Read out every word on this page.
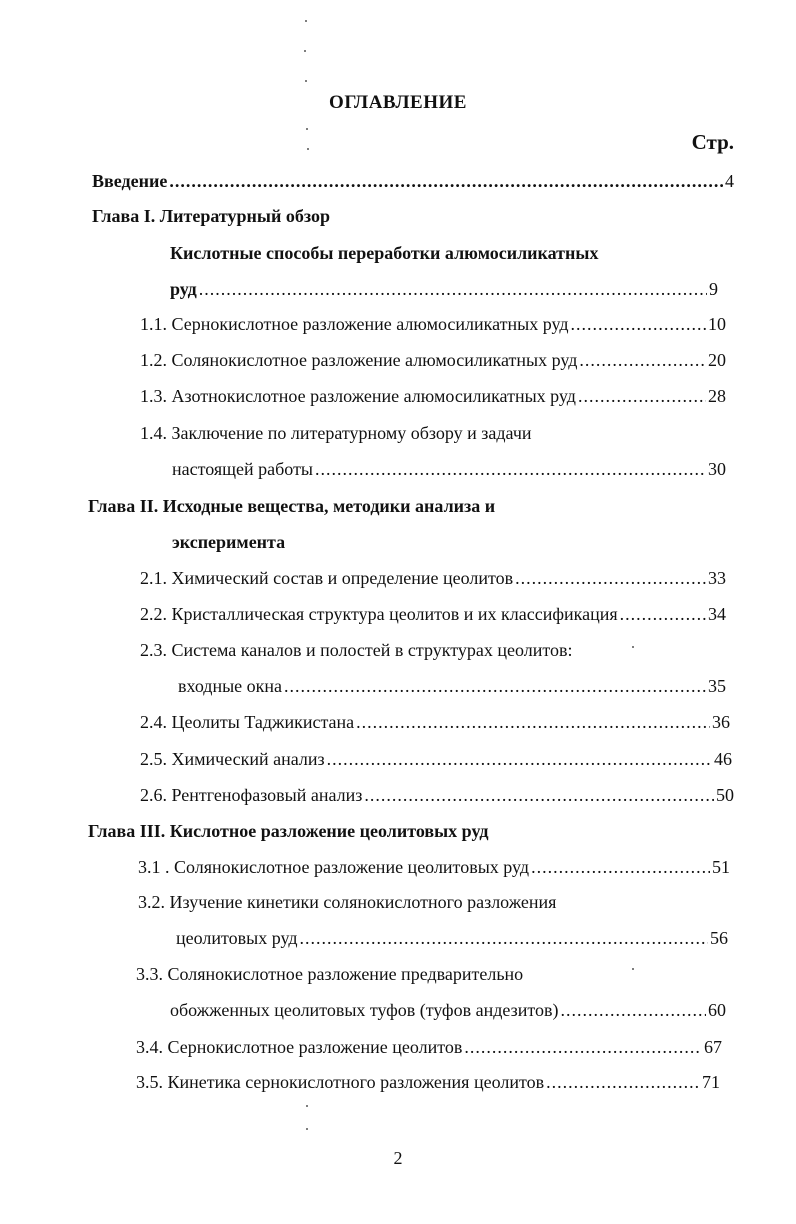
ОГЛАВЛЕНИЕ
Стр.
Введение .....	4
Глава I. Литературный обзор
Кислотные способы переработки алюмосиликатных
руд .....	9
1.1. Сернокислотное разложение алюмосиликатных руд .....	10
1.2. Солянокислотное разложение алюмосиликатных руд .....	20
1.3. Азотнокислотное разложение алюмосиликатных руд .....	28
1.4. Заключение по литературному обзору и задачи
настоящей работы .....	30
Глава II. Исходные вещества, методики анализа и
эксперимента
2.1. Химический состав и определение цеолитов .....	33
2.2. Кристаллическая структура цеолитов и их классификация .....	34
2.3. Система каналов и полостей в структурах цеолитов:
входные окна .....	35
2.4. Цеолиты Таджикистана .....	36
2.5. Химический анализ .....	46
2.6. Рентгенофазовый анализ .....	50
Глава III. Кислотное разложение цеолитовых руд
3.1 . Солянокислотное разложение цеолитовых руд .....	51
3.2. Изучение кинетики солянокислотного разложения
цеолитовых руд .....	56
3.3. Солянокислотное разложение предварительно
обожженных цеолитовых туфов (туфов андезитов) .....	60
3.4. Сернокислотное разложение цеолитов .....	67
3.5. Кинетика сернокислотного разложения цеолитов .....	71
2
